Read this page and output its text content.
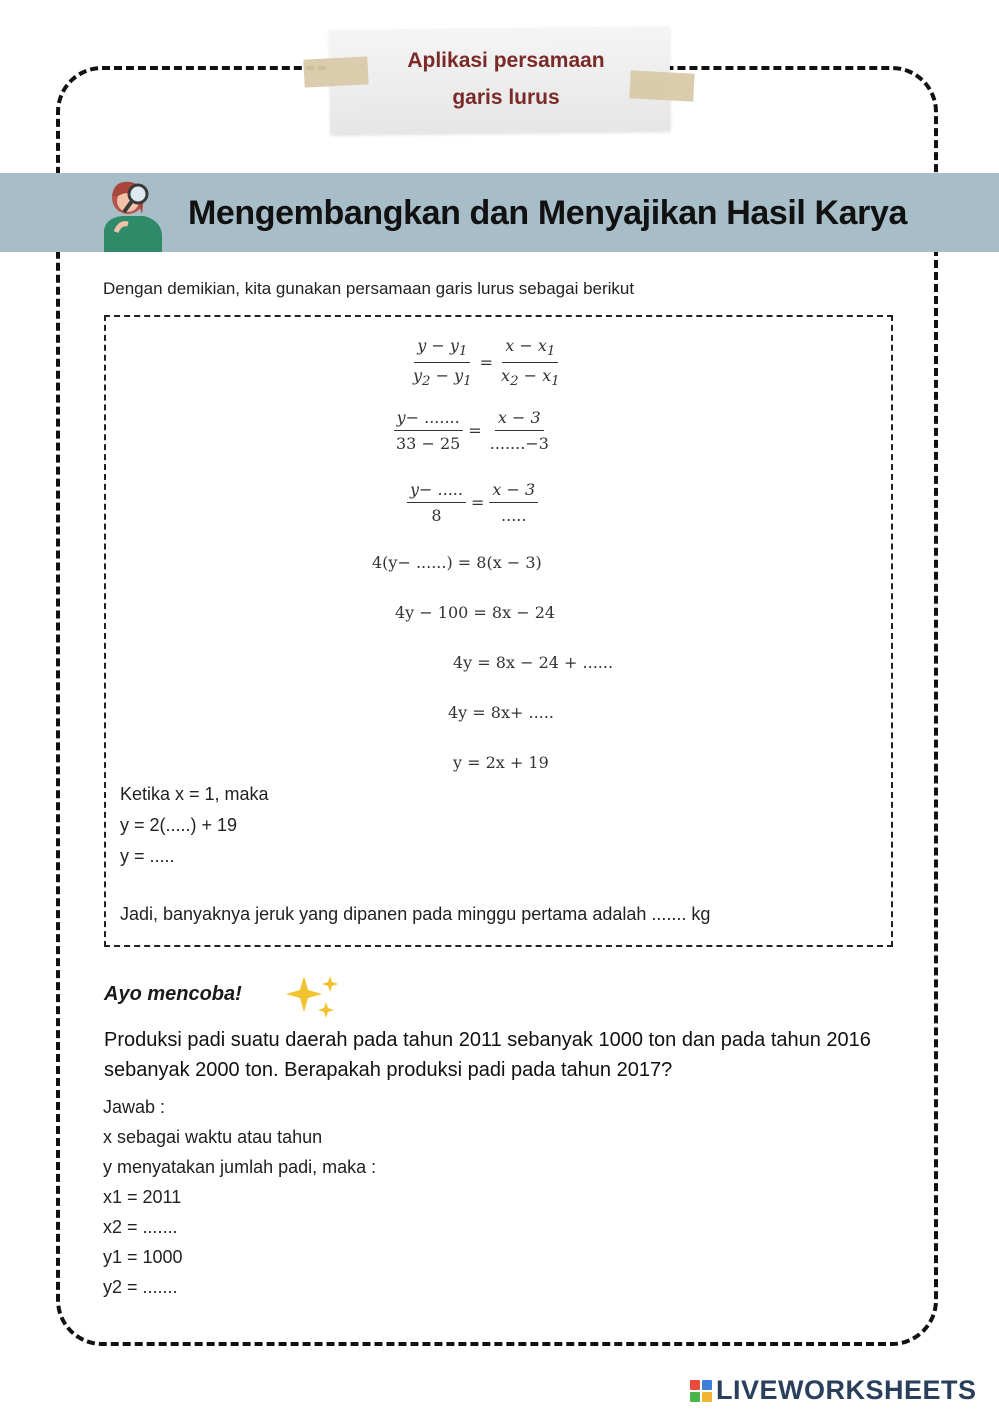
Aplikasi persamaan
garis lurus
Mengembangkan dan Menyajikan Hasil Karya
Dengan demikian, kita gunakan persamaan garis lurus sebagai berikut
$\frac{y - y_1}{y_2 - y_1} = \frac{x - x_1}{x_2 - x_1}$
$\frac{y- .......}{33 - 25} = \frac{x - 3}{.......-3}$
$\frac{y- .....}{8} = \frac{x - 3}{.....}$
4(y− ......) = 8(x − 3)
4y − 100 = 8x − 24
4y = 8x − 24 + ......
4y = 8x+ .....
y = 2x + 19
Ketika x = 1, maka
y = 2(.....) + 19
y = .....
Jadi, banyaknya jeruk yang dipanen pada minggu pertama adalah ....... kg
Ayo mencoba!
Produksi padi suatu daerah pada tahun 2011 sebanyak 1000 ton dan pada tahun 2016 sebanyak 2000 ton. Berapakah produksi padi pada tahun 2017?
Jawab :
x sebagai waktu atau tahun
y menyatakan jumlah padi, maka :
x1 = 2011
x2 = .......
y1 = 1000
y2 = .......
LIVEWORKSHEETS
